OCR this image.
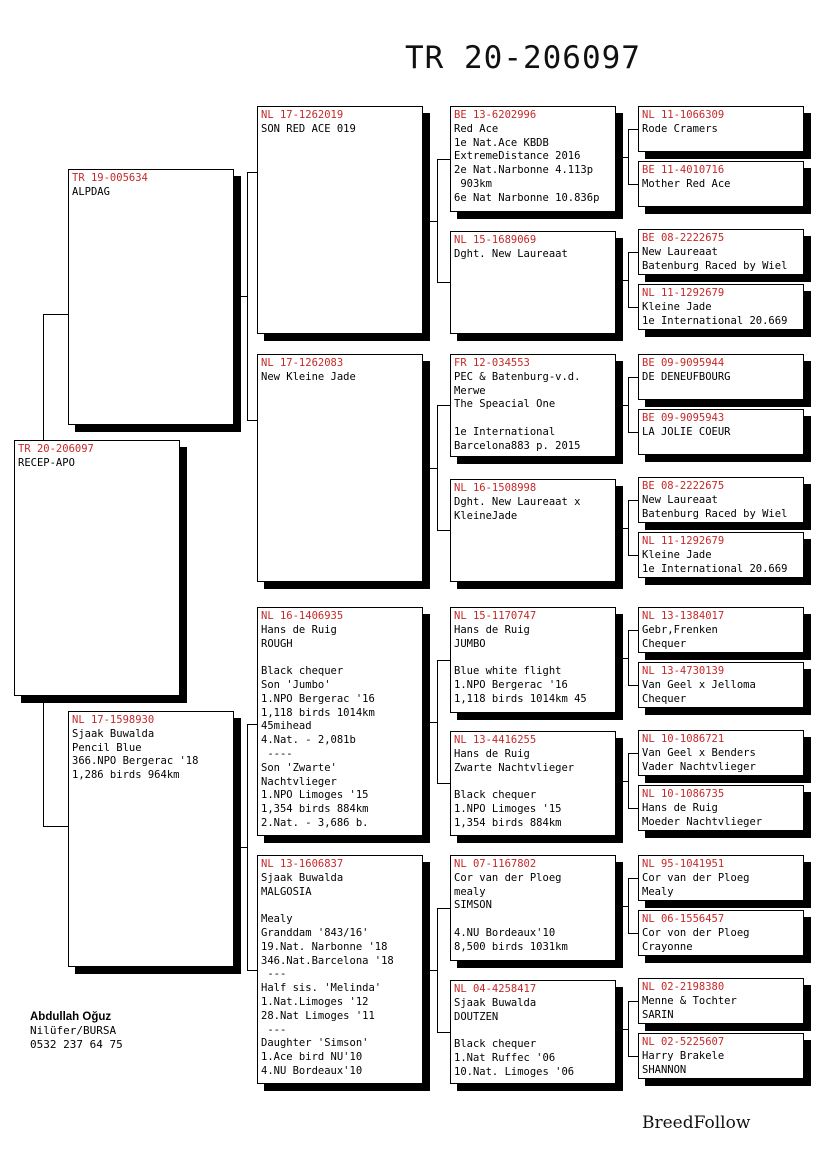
TR 20-206097
TR 20-206097
RECEP-APO
TR 19-005634
ALPDAG
NL 17-1598930
Sjaak Buwalda
Pencil Blue
366.NPO Bergerac '18
1,286 birds 964km
NL 17-1262019
SON RED ACE 019
NL 17-1262083
New Kleine Jade
NL 16-1406935
Hans de Ruig
ROUGH

Black chequer
Son 'Jumbo'
1.NPO Bergerac '16
1,118 birds 1014km
45mihead
4.Nat. - 2,081b
----
Son 'Zwarte'
Nachtvlieger
1.NPO Limoges '15
1,354 birds 884km
2.Nat. - 3,686 b.
NL 13-1606837
Sjaak Buwalda
MALGOSIA

Mealy
Granddam '843/16'
19.Nat. Narbonne '18
346.Nat.Barcelona '18
---
Half sis. 'Melinda'
1.Nat.Limoges '12
28.Nat Limoges '11
---
Daughter 'Simson'
1.Ace bird NU'10
4.NU Bordeaux'10
BE 13-6202996
Red Ace
1e Nat.Ace KBDB
ExtremeDistance 2016
2e Nat.Narbonne 4.113p
903km
6e Nat Narbonne 10.836p
NL 15-1689069
Dght. New Laureaat
FR 12-034553
PEC & Batenburg-v.d.
Merwe
The Speacial One

1e International
Barcelona883 p. 2015
NL 16-1508998
Dght. New Laureaat x
KleineJade
NL 15-1170747
Hans de Ruig
JUMBO

Blue white flight
1.NPO Bergerac '16
1,118 birds 1014km 45
NL 13-4416255
Hans de Ruig
Zwarte Nachtvlieger

Black chequer
1.NPO Limoges '15
1,354 birds 884km
NL 07-1167802
Cor van der Ploeg
mealy
SIMSON

4.NU Bordeaux'10
8,500 birds 1031km
NL 04-4258417
Sjaak Buwalda
DOUTZEN

Black chequer
1.Nat Ruffec '06
10.Nat. Limoges '06
NL 11-1066309
Rode Cramers
BE 11-4010716
Mother Red Ace
BE 08-2222675
New Laureaat
Batenburg Raced by Wiel
NL 11-1292679
Kleine Jade
1e International 20.669
BE 09-9095944
DE DENEUFBOURG
BE 09-9095943
LA JOLIE COEUR
BE 08-2222675
New Laureaat
Batenburg Raced by Wiel
NL 11-1292679
Kleine Jade
1e International 20.669
NL 13-1384017
Gebr,Frenken
Chequer
NL 13-4730139
Van Geel x Jelloma
Chequer
NL 10-1086721
Van Geel x Benders
Vader Nachtvlieger
NL 10-1086735
Hans de Ruig
Moeder Nachtvlieger
NL 95-1041951
Cor van der Ploeg
Mealy
NL 06-1556457
Cor von der Ploeg
Crayonne
NL 02-2198380
Menne & Tochter
SARIN
NL 02-5225607
Harry Brakele
SHANNON
Abdullah Oğuz
Nilüfer/BURSA
0532 237 64 75
BreedFollow
